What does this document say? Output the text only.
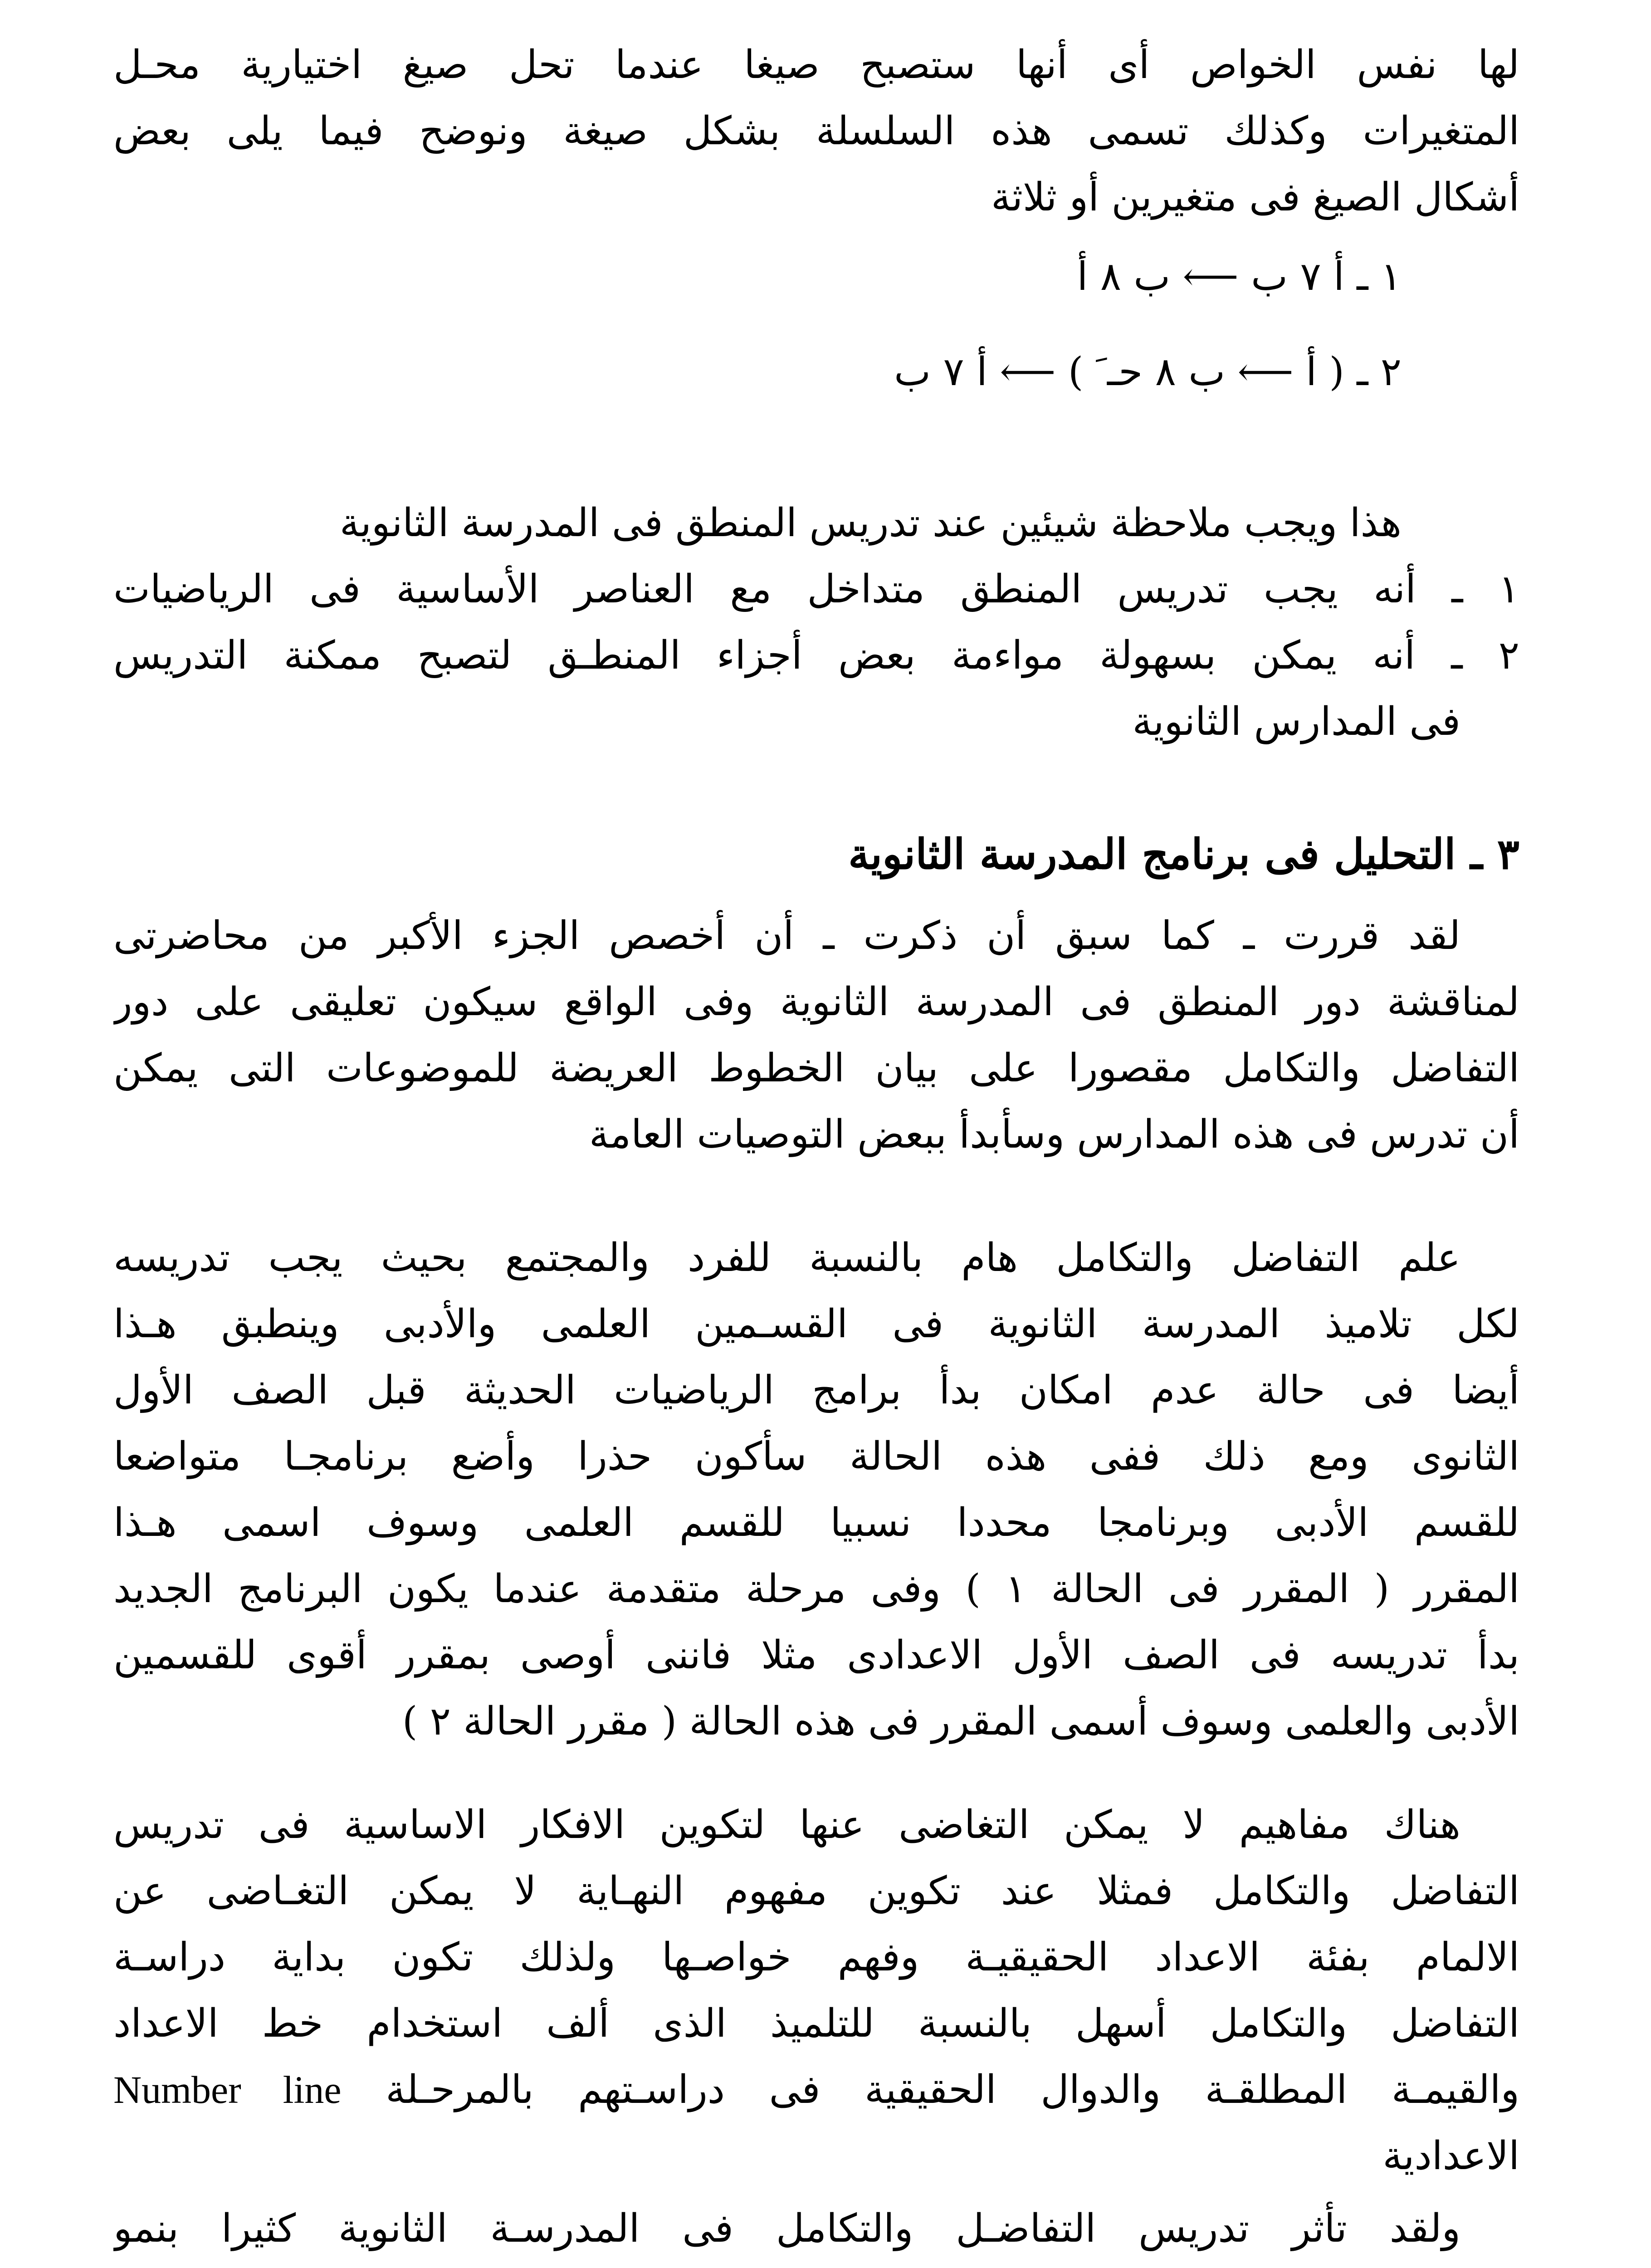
لها نفس الخواص أى أنها ستصبح صيغا عندما تحل صيغ اختيارية محـل
المتغيرات وكذلك تسمى هذه السلسلة بشكل صيغة ونوضح فيما يلى بعض
أشكال الصيغ فى متغيرين أو ثلاثة
١ ـ أ ٧ ب ⟵ ب ٨ أ
٢ ـ ( أ ⟵ ب ٨ حـ َ ) ⟵ أ ٧ ب
هذا ويجب ملاحظة شيئين عند تدريس المنطق فى المدرسة الثانوية
١ ـ أنه يجب تدريس المنطق متداخل مع العناصر الأساسية فى الرياضيات
٢ ـ أنه يمكن بسهولة مواءمة بعض أجزاء المنطـق لتصبح ممكنة التدريس
فى المدارس الثانوية
٣ ـ التحليل فى برنامج المدرسة الثانوية
لقد قررت ـ كما سبق أن ذكرت ـ أن أخصص الجزء الأكبر من محاضرتى
لمناقشة دور المنطق فى المدرسة الثانوية وفى الواقع سيكون تعليقى على دور
التفاضل والتكامل مقصورا على بيان الخطوط العريضة للموضوعات التى يمكن
أن تدرس فى هذه المدارس وسأبدأ ببعض التوصيات العامة
علم التفاضل والتكامل هام بالنسبة للفرد والمجتمع بحيث يجب تدريسه
لكل تلاميذ المدرسة الثانوية فى القسـمين العلمى والأدبى وينطبق هـذا
أيضا فى حالة عدم امكان بدأ برامج الرياضيات الحديثة قبل الصف الأول
الثانوى ومع ذلك ففى هذه الحالة سأكون حذرا وأضع برنامجـا متواضعا
للقسم الأدبى وبرنامجا محددا نسبيا للقسم العلمى وسوف اسمى هـذا
المقرر ( المقرر فى الحالة ١ ) وفى مرحلة متقدمة عندما يكون البرنامج الجديد
بدأ تدريسه فى الصف الأول الاعدادى مثلا فاننى أوصى بمقرر أقوى للقسمين
الأدبى والعلمى وسوف أسمى المقرر فى هذه الحالة ( مقرر الحالة ٢ )
هناك مفاهيم لا يمكن التغاضى عنها لتكوين الافكار الاساسية فى تدريس
التفاضل والتكامل فمثلا عند تكوين مفهوم النهـاية لا يمكن التغـاضى عن
الالمام بفئة الاعداد الحقيقيـة وفهم خواصـها ولذلك تكون بداية دراسـة
التفاضل والتكامل أسهل بالنسبة للتلميذ الذى ألف استخدام خط الاعداد
والقيمـة المطلقـة والدوال الحقيقية فى دراسـتهم بالمرحـلة Number line
الاعدادية
ولقد تأثر تدريس التفاضـل والتكامل فى المدرسـة الثانوية كثيرا بنمو
